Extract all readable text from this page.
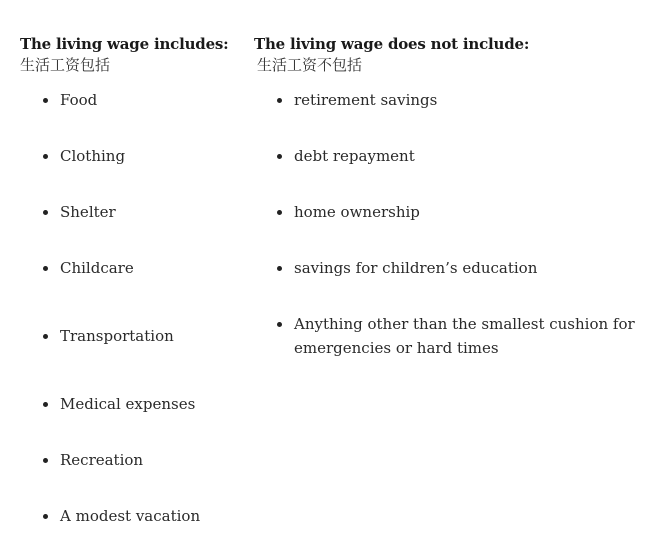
The living wage includes:
生活工资包括
Food
Clothing
Shelter
Childcare
Transportation
Medical expenses
Recreation
A modest vacation
The living wage does not include:
生活工资不包括
retirement savings
debt repayment
home ownership
savings for children’s education
Anything other than the smallest cushion for emergencies or hard times
